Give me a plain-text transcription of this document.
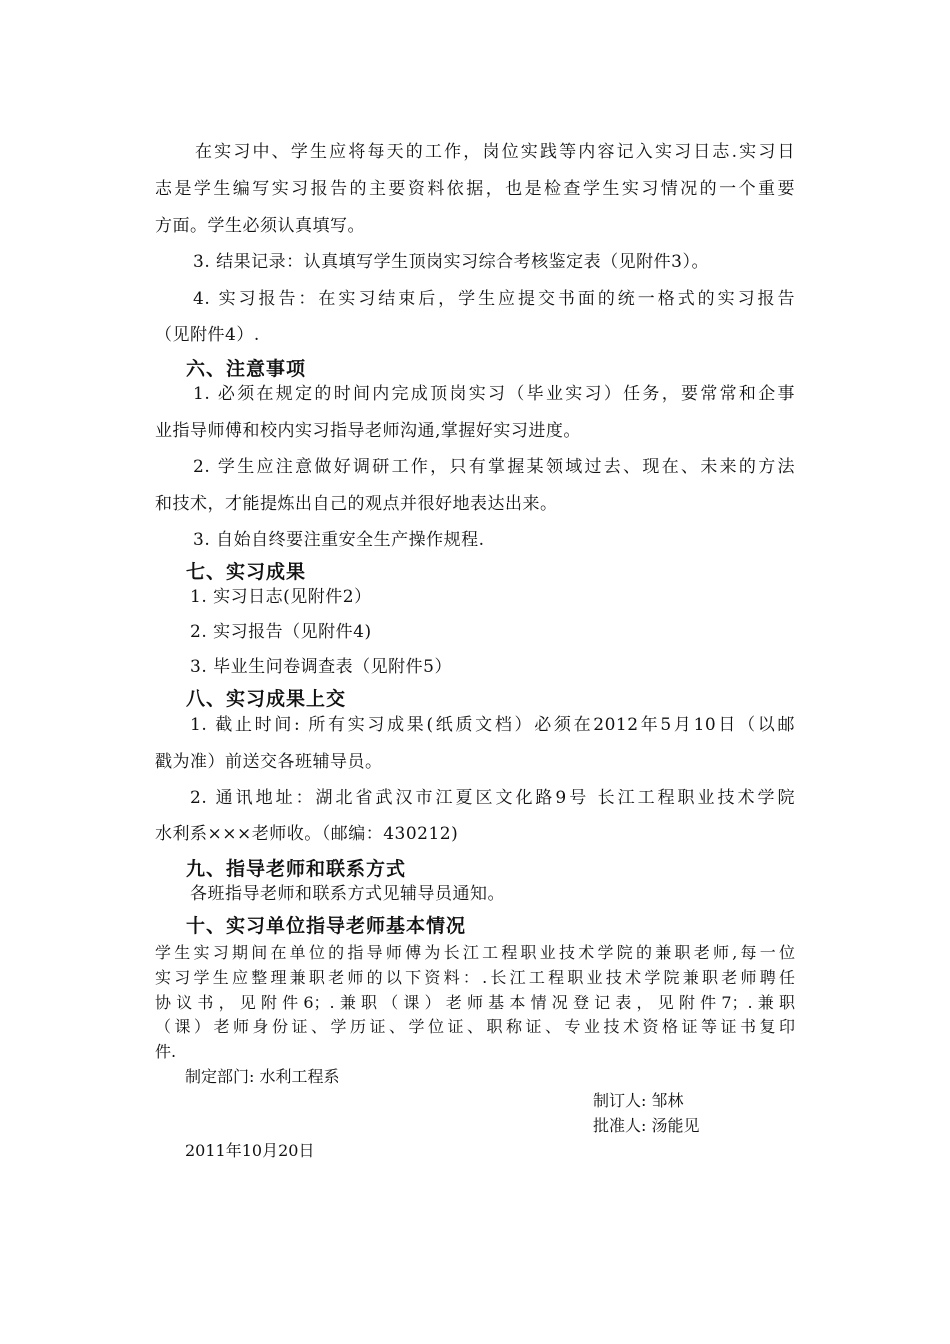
在实习中、学生应将每天的工作，岗位实践等内容记入实习日志.实习日
志是学生编写实习报告的主要资料依据，也是检查学生实习情况的一个重要
方面。学生必须认真填写。
3. 结果记录：认真填写学生顶岗实习综合考核鉴定表（见附件3）。
4. 实习报告：在实习结束后，学生应提交书面的统一格式的实习报告
（见附件4）.
六、注意事项
1. 必须在规定的时间内完成顶岗实习（毕业实习）任务，要常常和企事
业指导师傅和校内实习指导老师沟通,掌握好实习进度。
2. 学生应注意做好调研工作，只有掌握某领域过去、现在、未来的方法
和技术，才能提炼出自己的观点并很好地表达出来。
3. 自始自终要注重安全生产操作规程.
七、实习成果
1. 实习日志(见附件2）
2. 实习报告（见附件4)
3. 毕业生问卷调查表（见附件5）
八、实习成果上交
1. 截止时间: 所有实习成果(纸质文档）必须在2012年5月10日（以邮
戳为准）前送交各班辅导员。
2. 通讯地址：湖北省武汉市江夏区文化路9号 长江工程职业技术学院
水利系×××老师收。（邮编：430212)
九、指导老师和联系方式
各班指导老师和联系方式见辅导员通知。
十、实习单位指导老师基本情况
学生实习期间在单位的指导师傅为长江工程职业技术学院的兼职老师,每一位
实习学生应整理兼职老师的以下资料：.长江工程职业技术学院兼职老师聘任
协议书，见附件6；.兼职（课）老师基本情况登记表，见附件7；.兼职
（课）老师身份证、学历证、学位证、职称证、专业技术资格证等证书复印
件.
制定部门: 水利工程系
制订人: 邹林
批准人: 汤能见
2011年10月20日
